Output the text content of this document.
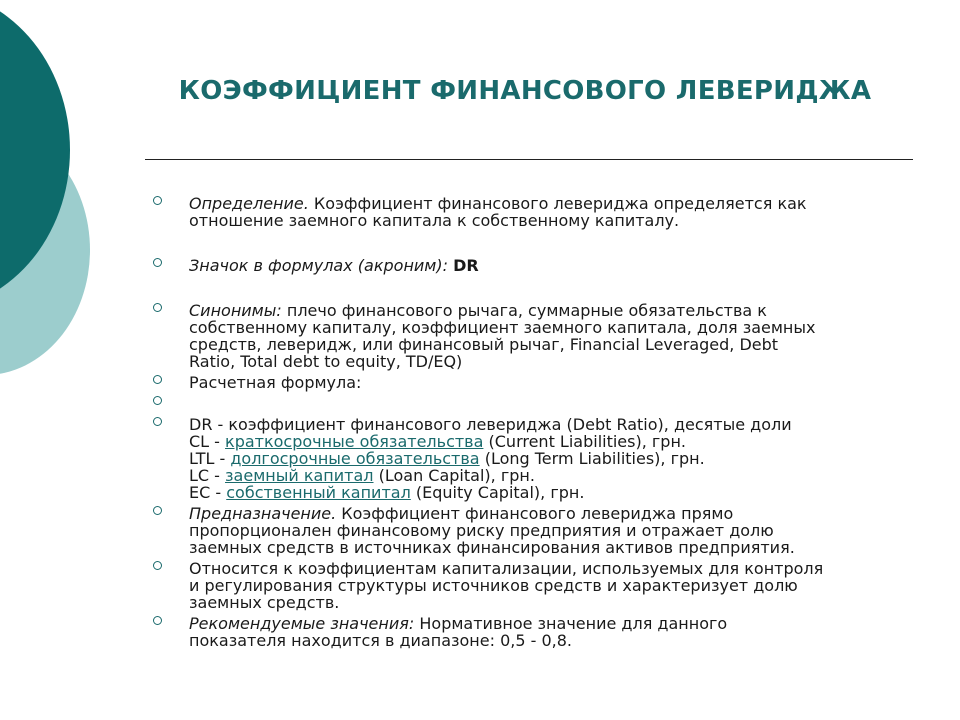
КОЭФФИЦИЕНТ ФИНАНСОВОГО ЛЕВЕРИДЖА
Определение. Коэффициент финансового левериджа определяется как
отношение заемного капитала к собственному капиталу.
Значок в формулах (акроним): DR
Синонимы: плечо финансового рычага, суммарные обязательства к
собственному капиталу, коэффициент заемного капитала, доля заемных
средств, леверидж, или финансовый рычаг, Financial Leveraged, Debt
Ratio, Total debt to equity, TD/EQ)
Расчетная формула:

DR - коэффициент финансового левериджа (Debt Ratio), десятые доли
CL - краткосрочные обязательства (Current Liabilities), грн.
LTL - долгосрочные обязательства (Long Term Liabilities), грн.
LC - заемный капитал (Loan Capital), грн.
EC - собственный капитал (Equity Capital), грн.
Предназначение. Коэффициент финансового левериджа прямо
пропорционален финансовому риску предприятия и отражает долю
заемных средств в источниках финансирования активов предприятия.
Относится к коэффициентам капитализации, используемых для контроля
и регулирования структуры источников средств и характеризует долю
заемных средств.
Рекомендуемые значения: Нормативное значение для данного
показателя находится в диапазоне: 0,5 - 0,8.
